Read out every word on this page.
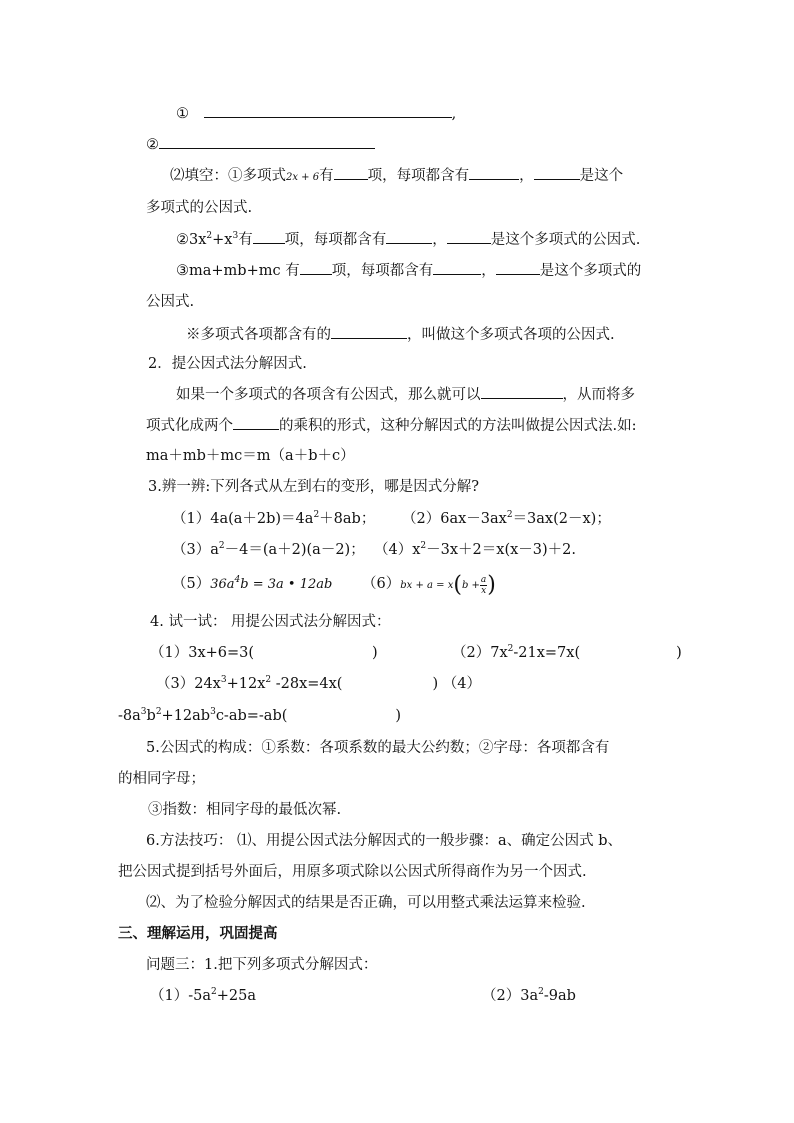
①	,
②
⑵填空：①多项式2x + 6有 项，每项都含有	，	是这个
多项式的公因式.
$②3x^2+x^3$有 项，每项都含有	，	是这个多项式的公因式.
③ma+mb+mc 有 项，每项都含有	，	是这个多项式的
公因式.
※多项式各项都含有的	，叫做这个多项式各项的公因式.
2．提公因式法分解因式.
如果一个多项式的各项含有公因式，那么就可以	，从而将多
项式化成两个	的乘积的形式，这种分解因式的方法叫做提公因式法.如:
ma＋mb＋mc＝m（a＋b＋c）
3.辨一辨:下列各式从左到右的变形，哪是因式分解?
$(1)4a(a+2b)=4a^2+8ab$； $(2)6ax-3ax^2=3ax(2-x)$；
$(3)a^2-4=(a+2)(a-2)$； $(4)x^2-3x+2=x(x-3)+2$.
$(5)36a^4b = 3a$ • 12ab $(6)bx + a = x(b + \frac{a}{x}$ )
4. 试一试： 用提公因式法分解因式：
（1）3x+6=3(	)	$(2)7x^2-21x=7x$(	)
$(3)24x^3+12x^2$ -28x=4x(	) （4）
$-8a^3b^2+12ab^3c-ab=-ab$(	)
5.公因式的构成：①系数：各项系数的最大公约数；②字母：各项都含有
的相同字母；
③指数：相同字母的最低次幂.
6.方法技巧： ⑴、用提公因式法分解因式的一般步骤：a、确定公因式 b、
把公因式提到括号外面后，用原多项式除以公因式所得商作为另一个因式.
⑵、为了检验分解因式的结果是否正确，可以用整式乘法运算来检验.
三、理解运用，巩固提高
问题三：1.把下列多项式分解因式：
$(1)-5a^2+25a$	$(2)3a^2-9ab$
